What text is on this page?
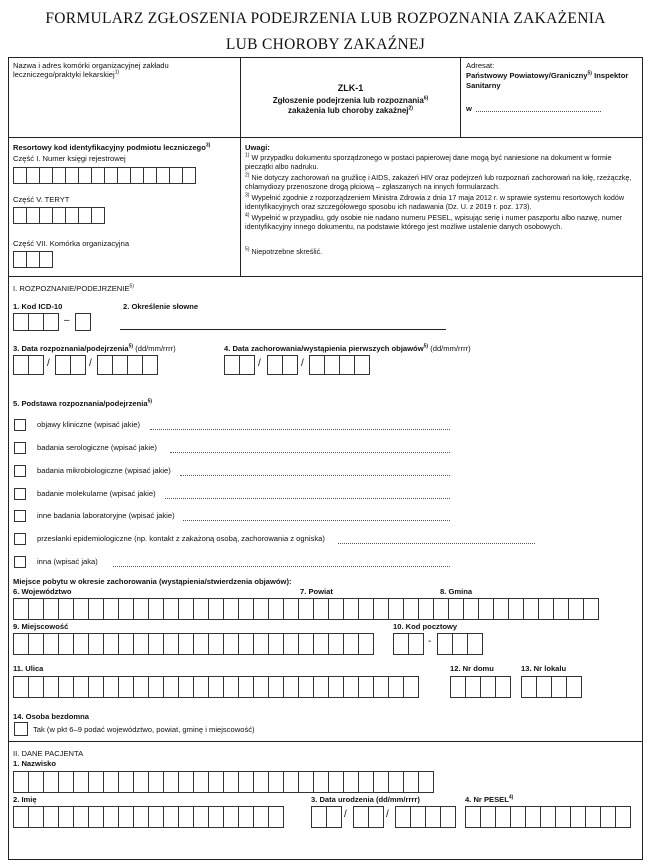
FORMULARZ ZGŁOSZENIA PODEJRZENIA LUB ROZPOZNANIA ZAKAŻENIA
LUB CHOROBY ZAKAŹNEJ
Nazwa i adres komórki organizacyjnej zakładu
leczniczego/praktyki lekarskiej$^{1)}$
ZLK-1
Zgłoszenie podejrzenia lub rozpoznania$^{6)}$
zakażenia lub choroby zakaźnej$^{2)}$
Adresat:
Państwowy Powiatowy/Graniczny$^{5)}$ Inspektor
Sanitarny
w
Resortowy kod identyfikacyjny podmiotu leczniczego$^{3)}$
Część I. Numer księgi rejestrowej
Część V. TERYT
Część VII. Komórka organizacyjna
Uwagi:
$^{1)}$ W przypadku dokumentu sporządzonego w postaci papierowej dane mogą być naniesione na dokument w formie pieczątki albo nadruku.
$^{2)}$ Nie dotyczy zachorowań na gruźlicę i AIDS, zakażeń HIV oraz podejrzeń lub rozpoznań zachorowań na kiłę, rzeżączkę, chlamydiozy przenoszone drogą płciową – zgłaszanych na innych formularzach.
$^{3)}$ Wypełnić zgodnie z rozporządzeniem Ministra Zdrowia z dnia 17 maja 2012 r. w sprawie systemu resortowych kodów identyfikacyjnych oraz szczegółowego sposobu ich nadawania (Dz. U. z 2019 r. poz. 173).
$^{4)}$ Wypełnić w przypadku, gdy osobie nie nadano numeru PESEL, wpisując serię i numer paszportu albo nazwę, numer identyfikacyjny innego dokumentu, na podstawie którego jest możliwe ustalenie danych osobowych.
$^{5)}$ Niepotrzebne skreślić.
I. ROZPOZNANIE/PODEJRZENIE$^{5)}$
1. Kod ICD-10
–
2. Określenie słowne
3. Data rozpoznania/podejrzenia$^{5)}$ (dd/mm/rrrr)
/	/
4. Data zachorowania/wystąpienia pierwszych objawów$^{5)}$ (dd/mm/rrrr)
/	/
5. Podstawa rozpoznania/podejrzenia$^{5)}$
objawy kliniczne (wpisać jakie)
badania serologiczne (wpisać jakie)
badania mikrobiologiczne (wpisać jakie)
badanie molekularne (wpisać jakie)
inne badania laboratoryjne (wpisać jakie)
przesłanki epidemiologiczne (np. kontakt z zakażoną osobą, zachorowania z ogniska)
inna (wpisać jaka)
Miejsce pobytu w okresie zachorowania (wystąpienia/stwierdzenia objawów):
6. Województwo	7. Powiat	8. Gmina
9. Miejscowość	10. Kod pocztowy
-
11. Ulica	12. Nr domu	13. Nr lokalu
14. Osoba bezdomna
Tak (w pkt 6–9 podać województwo, powiat, gminę i miejscowość)
II. DANE PACJENTA
1. Nazwisko
2. Imię	3. Data urodzenia (dd/mm/rrrr)	4. Nr PESEL$^{4)}$
/	/
